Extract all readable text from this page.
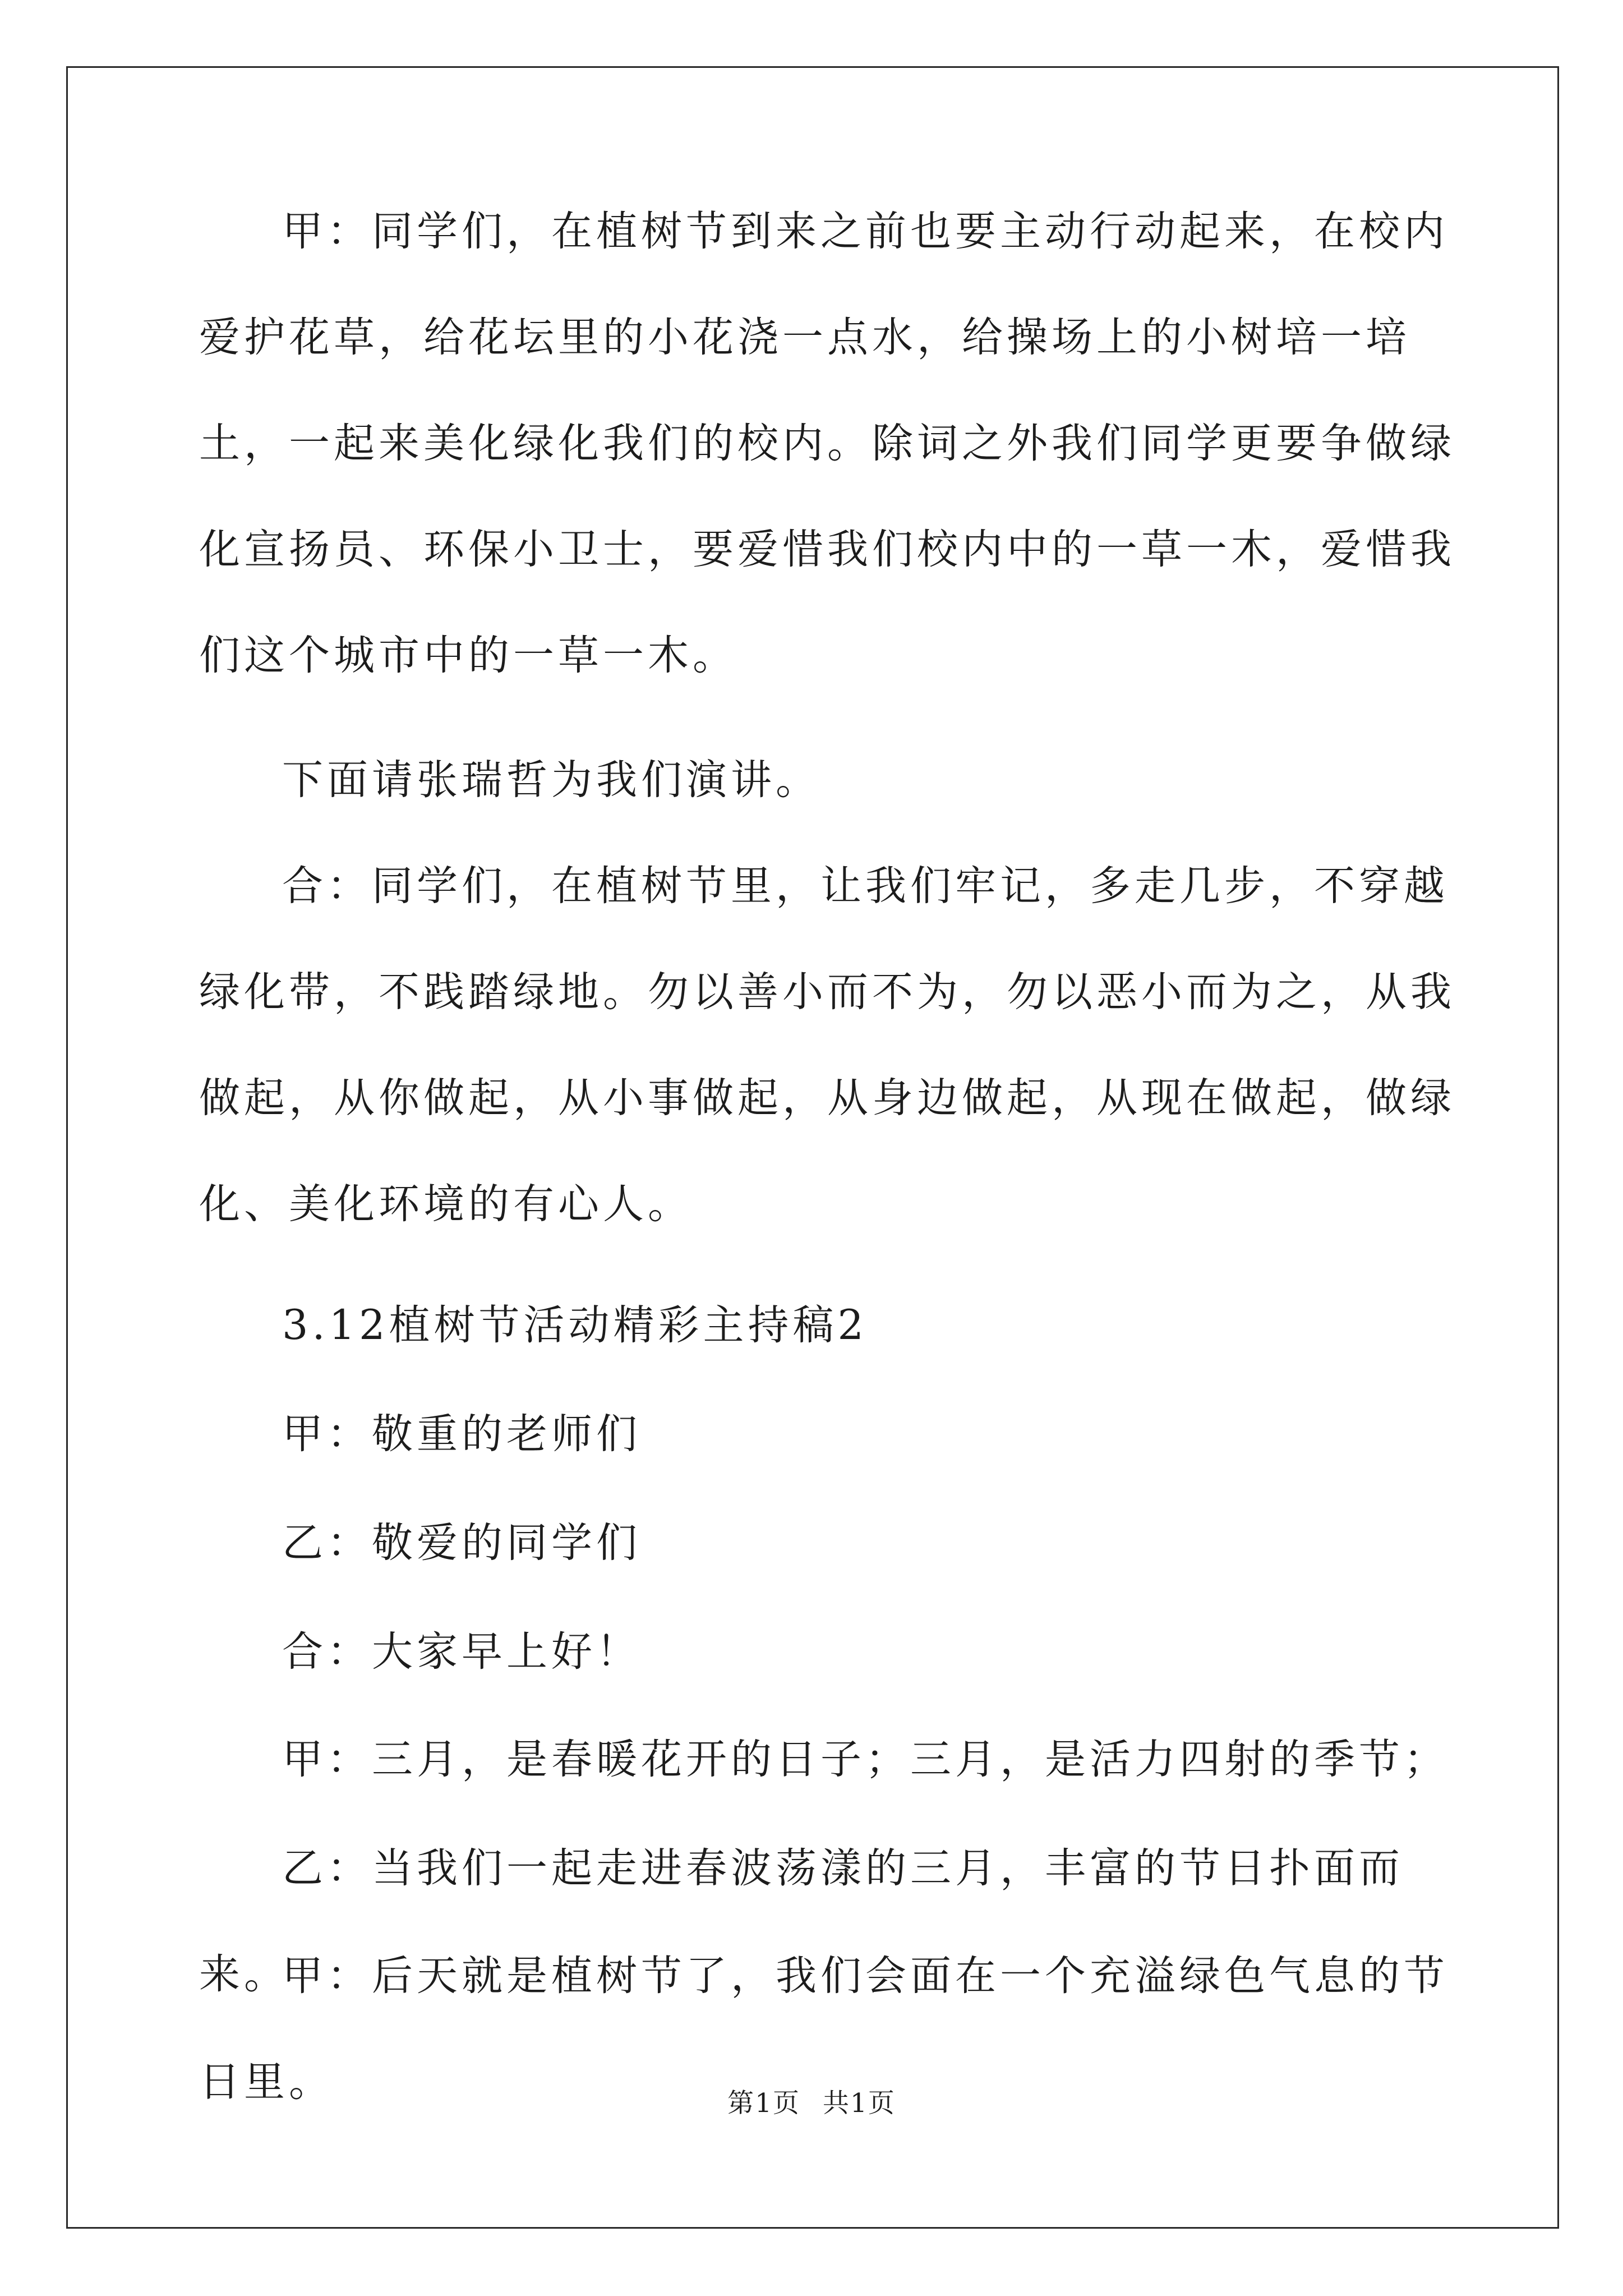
甲：同学们，在植树节到来之前也要主动行动起来，在校内爱护花草，给花坛里的小花浇一点水，给操场上的小树培一培土，一起来美化绿化我们的校内。除词之外我们同学更要争做绿化宣扬员、环保小卫士，要爱惜我们校内中的一草一木，爱惜我们这个城市中的一草一木。

下面请张瑞哲为我们演讲。

合：同学们，在植树节里，让我们牢记，多走几步，不穿越绿化带，不践踏绿地。勿以善小而不为，勿以恶小而为之，从我做起，从你做起，从小事做起，从身边做起，从现在做起，做绿化、美化环境的有心人。

3.12植树节活动精彩主持稿2

甲：敬重的老师们

乙：敬爱的同学们

合：大家早上好！

甲：三月，是春暖花开的日子；三月，是活力四射的季节；

乙：当我们一起走进春波荡漾的三月，丰富的节日扑面而来。

甲：后天就是植树节了，我们会面在一个充溢绿色气息的节日里。	第1页 共1页
